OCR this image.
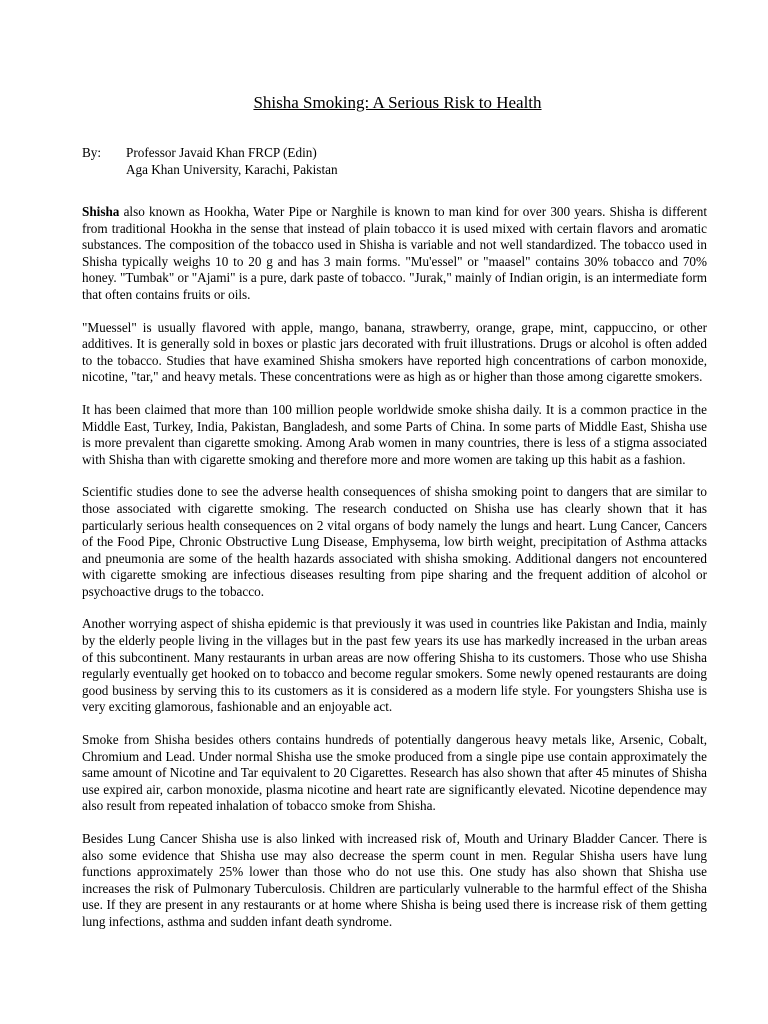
Shisha Smoking: A Serious Risk to Health
By:	Professor Javaid Khan FRCP (Edin)
Aga Khan University, Karachi, Pakistan

Shisha also known as Hookha, Water Pipe or Narghile is known to man kind for over 300 years. Shisha is different from traditional Hookha in the sense that instead of plain tobacco it is used mixed with certain flavors and aromatic substances. The composition of the tobacco used in Shisha is variable and not well standardized. The tobacco used in Shisha typically weighs 10 to 20 g and has 3 main forms. "Mu'essel" or "maasel" contains 30% tobacco and 70% honey. "Tumbak" or "Ajami" is a pure, dark paste of tobacco. "Jurak," mainly of Indian origin, is an intermediate form that often contains fruits or oils.

"Muessel" is usually flavored with apple, mango, banana, strawberry, orange, grape, mint, cappuccino, or other additives. It is generally sold in boxes or plastic jars decorated with fruit illustrations. Drugs or alcohol is often added to the tobacco. Studies that have examined Shisha smokers have reported high concentrations of carbon monoxide, nicotine, "tar," and heavy metals. These concentrations were as high as or higher than those among cigarette smokers.

It has been claimed that more than 100 million people worldwide smoke shisha daily. It is a common practice in the Middle East, Turkey, India, Pakistan, Bangladesh, and some Parts of China. In some parts of Middle East, Shisha use is more prevalent than cigarette smoking. Among Arab women in many countries, there is less of a stigma associated with Shisha than with cigarette smoking and therefore more and more women are taking up this habit as a fashion.

Scientific studies done to see the adverse health consequences of shisha smoking point to dangers that are similar to those associated with cigarette smoking. The research conducted on Shisha use has clearly shown that it has particularly serious health consequences on 2 vital organs of body namely the lungs and heart. Lung Cancer, Cancers of the Food Pipe, Chronic Obstructive Lung Disease, Emphysema, low birth weight, precipitation of Asthma attacks and pneumonia are some of the health hazards associated with shisha smoking. Additional dangers not encountered with cigarette smoking are infectious diseases resulting from pipe sharing and the frequent addition of alcohol or psychoactive drugs to the tobacco.

Another worrying aspect of shisha epidemic is that previously it was used in countries like Pakistan and India, mainly by the elderly people living in the villages but in the past few years its use has markedly increased in the urban areas of this subcontinent. Many restaurants in urban areas are now offering Shisha to its customers. Those who use Shisha regularly eventually get hooked on to tobacco and become regular smokers. Some newly opened restaurants are doing good business by serving this to its customers as it is considered as a modern life style. For youngsters Shisha use is very exciting glamorous, fashionable and an enjoyable act.

Smoke from Shisha besides others contains hundreds of potentially dangerous heavy metals like, Arsenic, Cobalt, Chromium and Lead. Under normal Shisha use the smoke produced from a single pipe use contain approximately the same amount of Nicotine and Tar equivalent to 20 Cigarettes. Research has also shown that after 45 minutes of Shisha use expired air, carbon monoxide, plasma nicotine and heart rate are significantly elevated. Nicotine dependence may also result from repeated inhalation of tobacco smoke from Shisha.

Besides Lung Cancer Shisha use is also linked with increased risk of, Mouth and Urinary Bladder Cancer. There is also some evidence that Shisha use may also decrease the sperm count in men. Regular Shisha users have lung functions approximately 25% lower than those who do not use this. One study has also shown that Shisha use increases the risk of Pulmonary Tuberculosis. Children are particularly vulnerable to the harmful effect of the Shisha use. If they are present in any restaurants or at home where Shisha is being used there is increase risk of them getting lung infections, asthma and sudden infant death syndrome.
